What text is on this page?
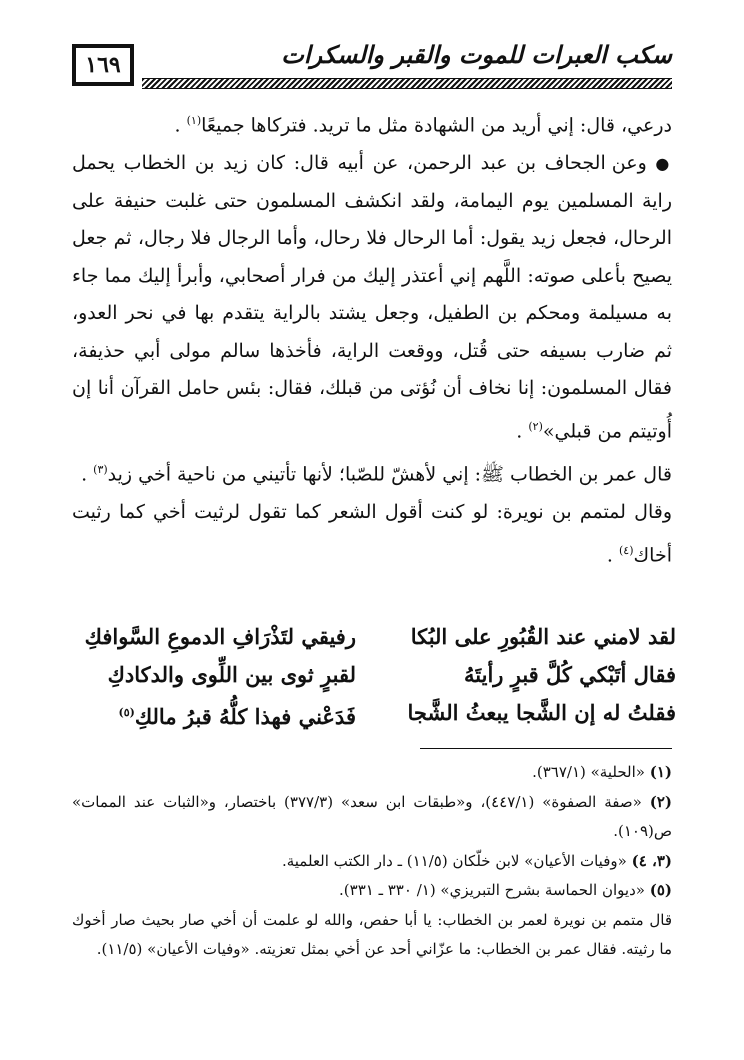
١٦٩	سكب العبرات للموت والقبر والسكرات

درعي، قال: إني أريد من الشهادة مثل ما تريد. فتركاها جميعًا$^{(١)}$ .

● وعن الجحاف بن عبد الرحمن، عن أبيه قال: كان زيد بن الخطاب يحمل راية المسلمين يوم اليمامة، ولقد انكشف المسلمون حتى غلبت حنيفة على الرحال، فجعل زيد يقول: أما الرحال فلا رحال، وأما الرجال فلا رجال، ثم جعل يصيح بأعلى صوته: اللَّهم إني أعتذر إليك من فرار أصحابي، وأبرأ إليك مما جاء به مسيلمة ومحكم بن الطفيل، وجعل يشتد بالراية يتقدم بها في نحر العدو، ثم ضارب بسيفه حتى قُتل، ووقعت الراية، فأخذها سالم مولى أبي حذيفة، فقال المسلمون: إنا نخاف أن نُؤتى من قبلك، فقال: بئس حامل القرآن أنا إن أُوتيتم من قبلي»$^{(٢)}$ .

قال عمر بن الخطاب ﷺ: إني لأهشّ للصّبا؛ لأنها تأتيني من ناحية أخي زيد$^{(٣)}$ .

وقال لمتمم بن نويرة: لو كنت أقول الشعر كما تقول لرثيت أخي كما رثيت أخاك$^{(٤)}$ .

لقد لامني عند القُبُورِ على البُكا
رفيقي لتَذْرَافِ الدموعِ السَّوافكِ
فقال أتَبْكي كُلَّ قبرٍ رأيتَهُ
لقبرٍ ثوى بين اللِّوى والدكادكِ
فقلتُ له إن الشَّجا يبعثُ الشَّجا
فَدَعْني فهذا كلُّهُ قبرُ مالكِ$^{(٥)}$

(١) «الحلية» (٣٦٧/١).

(٢) «صفة الصفوة» (٤٤٧/١)، و«طبقات ابن سعد» (٣٧٧/٣) باختصار، و«الثبات عند الممات» ص(١٠٩).

(٣، ٤) «وفيات الأعيان» لابن خلّكان (١١/٥) ـ دار الكتب العلمية.

(٥) «ديوان الحماسة بشرح التبريزي» (١/ ٣٣٠ ـ ٣٣١).

قال متمم بن نويرة لعمر بن الخطاب: يا أبا حفص، والله لو علمت أن أخي صار بحيث صار أخوك ما رثيته. فقال عمر بن الخطاب: ما عزّاني أحد عن أخي بمثل تعزيته. «وفيات الأعيان» (١١/٥).
